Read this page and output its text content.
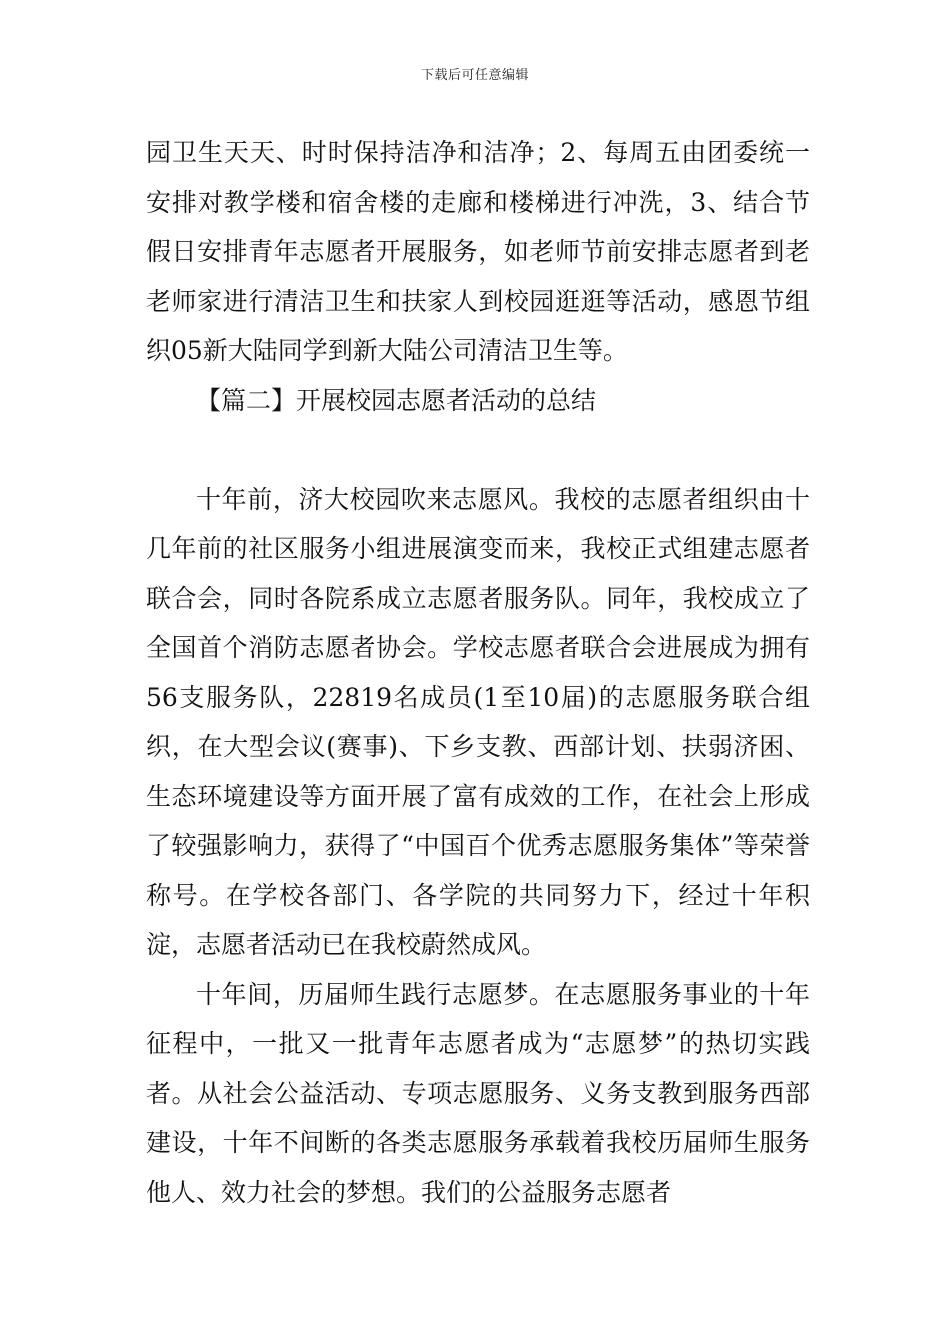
下载后可任意编辑

园卫生天天、时时保持洁净和洁净；2、每周五由团委统一安排对教学楼和宿舍楼的走廊和楼梯进行冲洗，3、结合节假日安排青年志愿者开展服务，如老师节前安排志愿者到老老师家进行清洁卫生和扶家人到校园逛逛等活动，感恩节组织05新大陆同学到新大陆公司清洁卫生等。

【篇二】开展校园志愿者活动的总结

十年前，济大校园吹来志愿风。我校的志愿者组织由十几年前的社区服务小组进展演变而来，我校正式组建志愿者联合会，同时各院系成立志愿者服务队。同年，我校成立了全国首个消防志愿者协会。学校志愿者联合会进展成为拥有56支服务队，22819名成员(1至10届)的志愿服务联合组织，在大型会议(赛事)、下乡支教、西部计划、扶弱济困、生态环境建设等方面开展了富有成效的工作，在社会上形成了较强影响力，获得了“中国百个优秀志愿服务集体”等荣誉称号。在学校各部门、各学院的共同努力下，经过十年积淀，志愿者活动已在我校蔚然成风。

十年间，历届师生践行志愿梦。在志愿服务事业的十年征程中，一批又一批青年志愿者成为“志愿梦”的热切实践者。从社会公益活动、专项志愿服务、义务支教到服务西部建设，十年不间断的各类志愿服务承载着我校历届师生服务他人、效力社会的梦想。我们的公益服务志愿者
